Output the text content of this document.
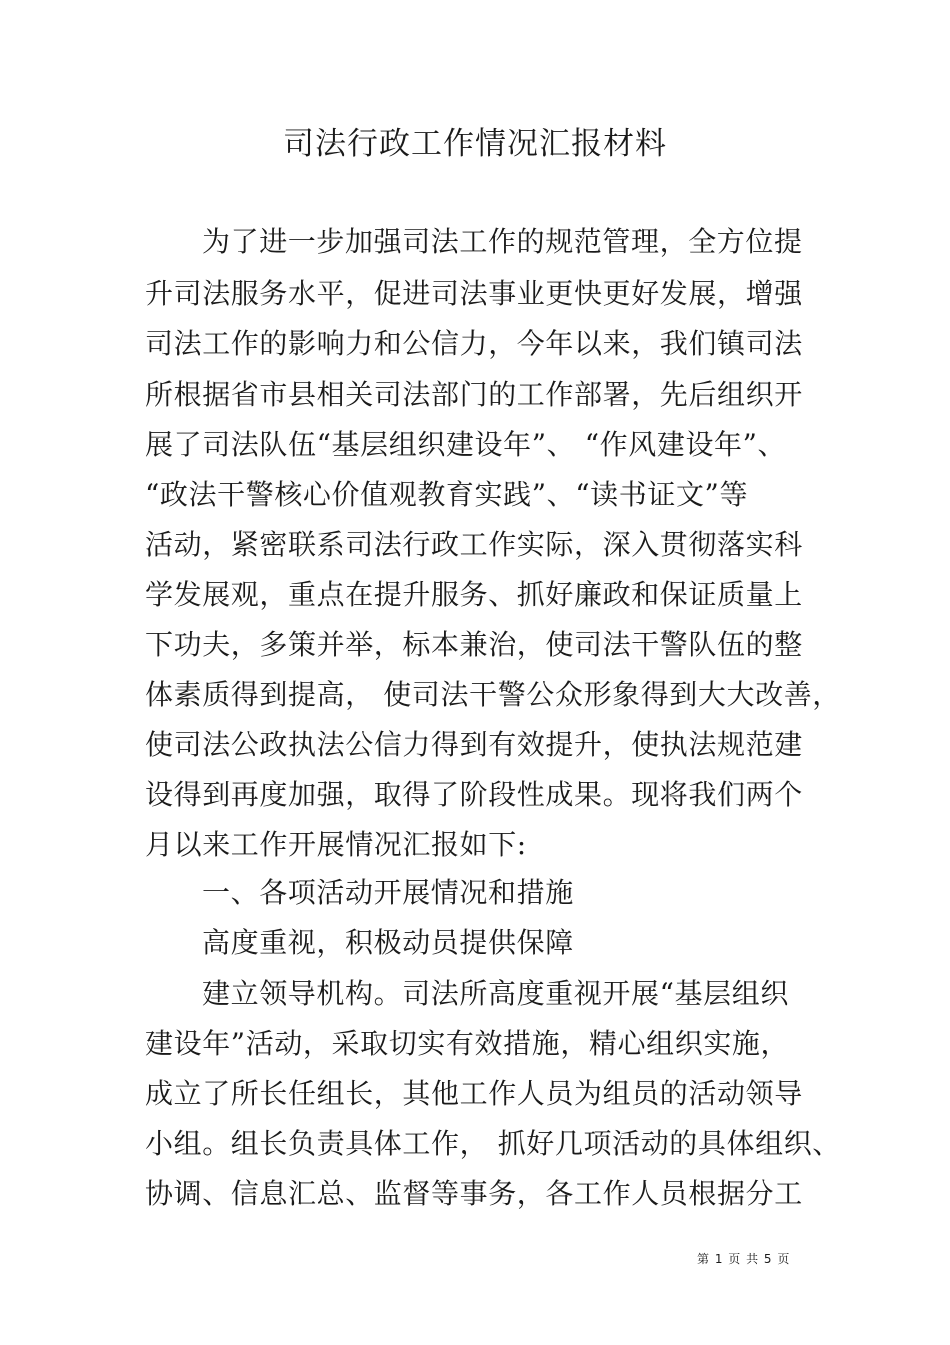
司法行政工作情况汇报材料
为了进一步加强司法工作的规范管理，全方位提
升司法服务水平，促进司法事业更快更好发展，增强
司法工作的影响力和公信力，今年以来，我们镇司法
所根据省市县相关司法部门的工作部署，先后组织开
展了司法队伍“基层组织建设年”、 “作风建设年”、
“政法干警核心价值观教育实践”、“读书证文”等
活动，紧密联系司法行政工作实际，深入贯彻落实科
学发展观，重点在提升服务、抓好廉政和保证质量上
下功夫，多策并举，标本兼治，使司法干警队伍的整
体素质得到提高， 使司法干警公众形象得到大大改善，
使司法公政执法公信力得到有效提升，使执法规范建
设得到再度加强，取得了阶段性成果。现将我们两个
月以来工作开展情况汇报如下:
一、各项活动开展情况和措施
高度重视，积极动员提供保障
建立领导机构。司法所高度重视开展“基层组织
建设年”活动，采取切实有效措施，精心组织实施，
成立了所长任组长，其他工作人员为组员的活动领导
小组。组长负责具体工作， 抓好几项活动的具体组织、
协调、信息汇总、监督等事务，各工作人员根据分工
第 1 页 共 5 页
